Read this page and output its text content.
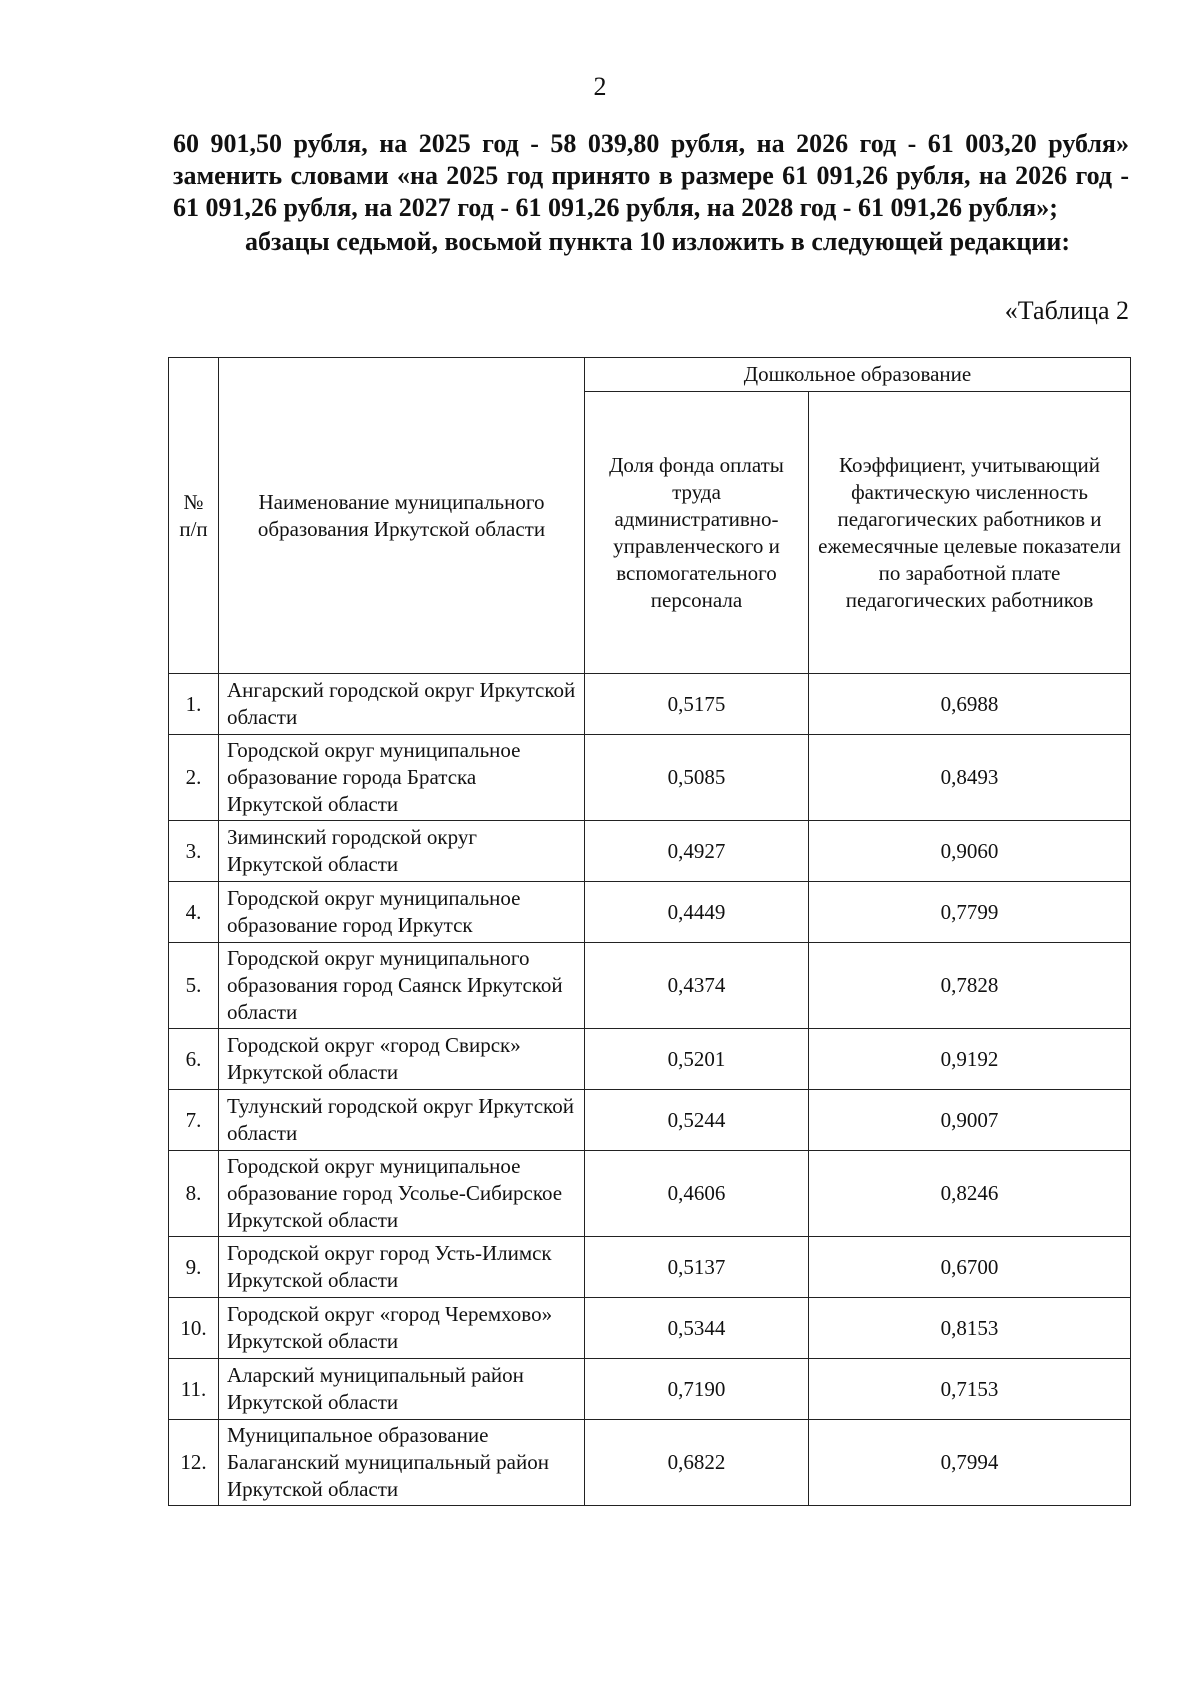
2
60 901,50 рубля, на 2025 год - 58 039,80 рубля, на 2026 год - 61 003,20 рубля» заменить словами «на 2025 год принято в размере 61 091,26 рубля, на 2026 год - 61 091,26 рубля, на 2027 год - 61 091,26 рубля, на 2028 год - 61 091,26 рубля»;
абзацы седьмой, восьмой пункта 10 изложить в следующей редакции:
«Таблица 2
№ п/п	Наименование муниципального образования Иркутской области	Дошкольное образование	
		Доля фонда оплаты труда административно-управленческого и вспомогательного персонала	Коэффициент, учитывающий фактическую численность педагогических работников и ежемесячные целевые показатели по заработной плате педагогических работников
1.	Ангарский городской округ Иркутской области	0,5175	0,6988
2.	Городской округ муниципальное образование города Братска Иркутской области	0,5085	0,8493
3.	Зиминский городской округ Иркутской области	0,4927	0,9060
4.	Городской округ муниципальное образование город Иркутск	0,4449	0,7799
5.	Городской округ муниципального образования город Саянск Иркутской области	0,4374	0,7828
6.	Городской округ «город Свирск» Иркутской области	0,5201	0,9192
7.	Тулунский городской округ Иркутской области	0,5244	0,9007
8.	Городской округ муниципальное образование город Усолье-Сибирское Иркутской области	0,4606	0,8246
9.	Городской округ город Усть-Илимск Иркутской области	0,5137	0,6700
10.	Городской округ «город Черемхово» Иркутской области	0,5344	0,8153
11.	Аларский муниципальный район Иркутской области	0,7190	0,7153
12.	Муниципальное образование Балаганский муниципальный район Иркутской области	0,6822	0,7994
